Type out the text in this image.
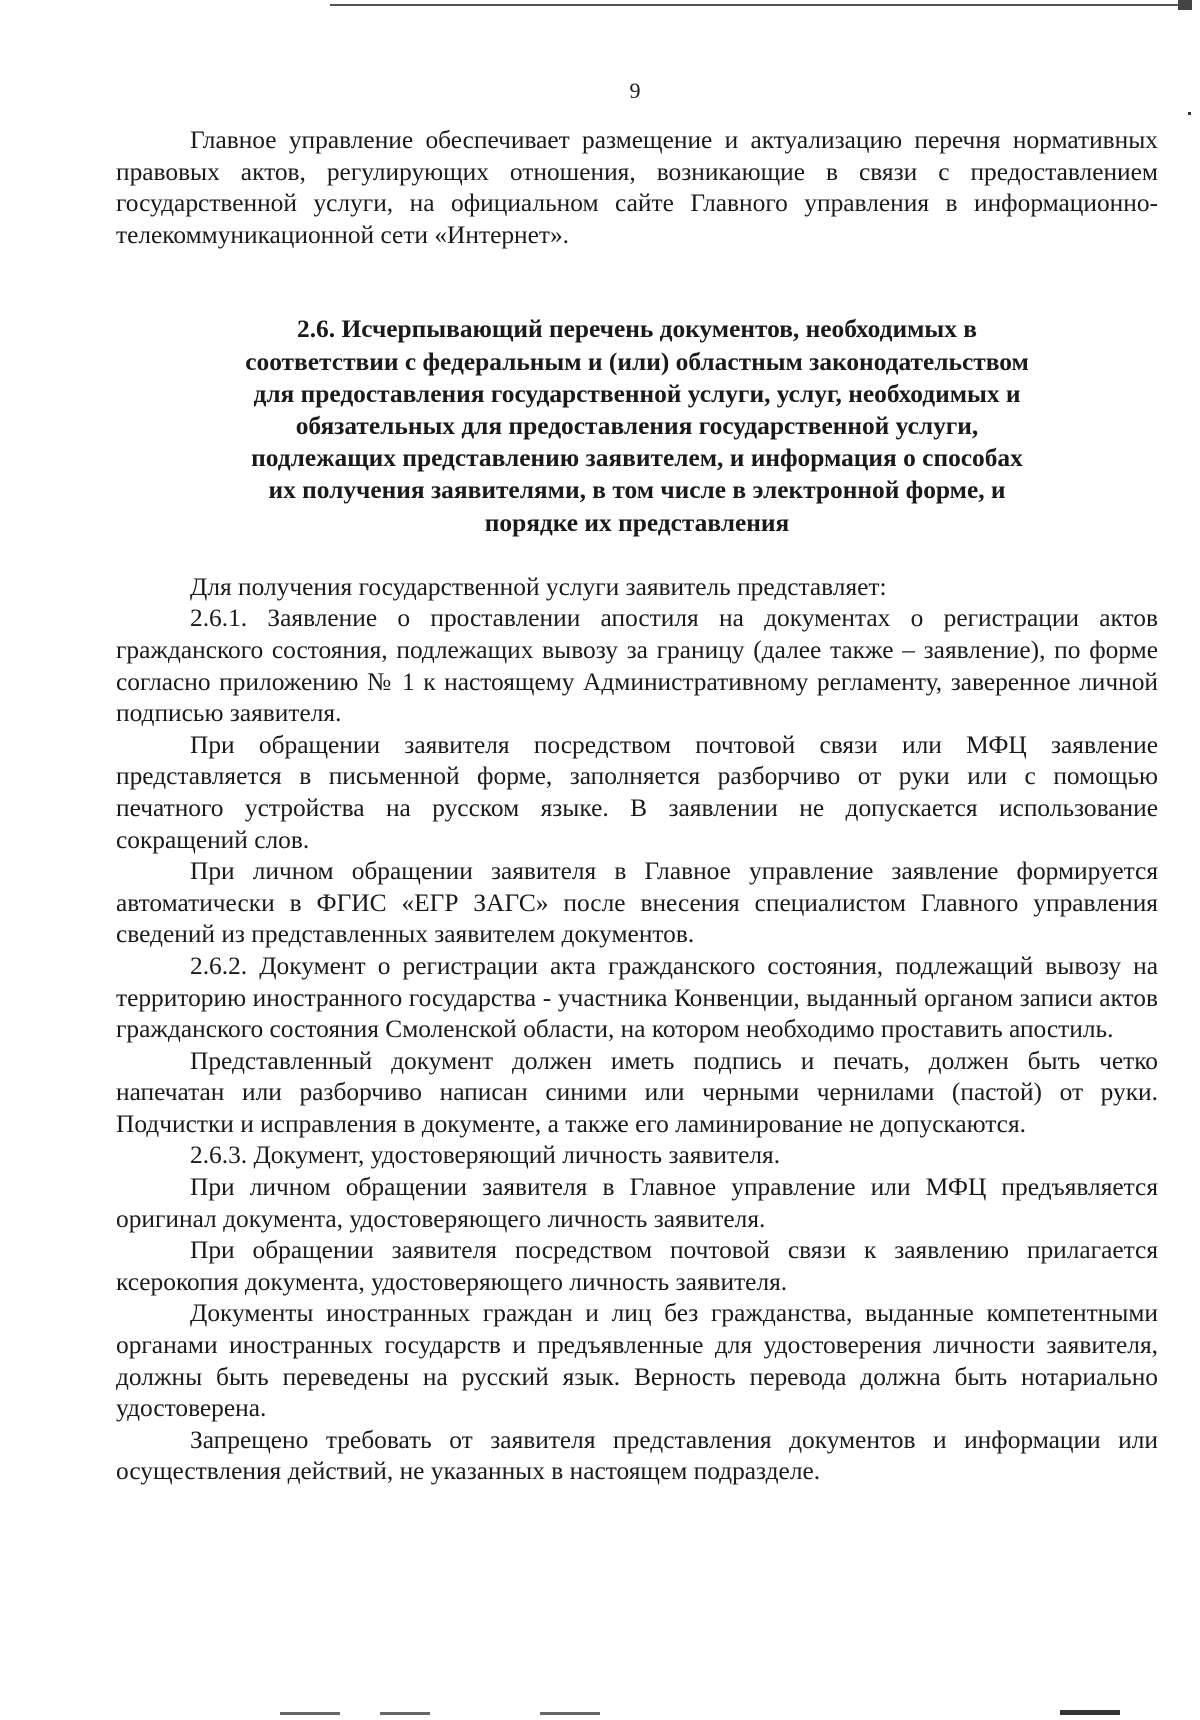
9

Главное управление обеспечивает размещение и актуализацию перечня нормативных правовых актов, регулирующих отношения, возникающие в связи с предоставлением государственной услуги, на официальном сайте Главного управления в информационно-телекоммуникационной сети «Интернет».

2.6. Исчерпывающий перечень документов, необходимых в соответствии с федеральным и (или) областным законодательством для предоставления государственной услуги, услуг, необходимых и обязательных для предоставления государственной услуги, подлежащих представлению заявителем, и информация о способах их получения заявителями, в том числе в электронной форме, и порядке их представления

Для получения государственной услуги заявитель представляет:

2.6.1. Заявление о проставлении апостиля на документах о регистрации актов гражданского состояния, подлежащих вывозу за границу (далее также – заявление), по форме согласно приложению № 1 к настоящему Административному регламенту, заверенное личной подписью заявителя.

При обращении заявителя посредством почтовой связи или МФЦ заявление представляется в письменной форме, заполняется разборчиво от руки или с помощью печатного устройства на русском языке. В заявлении не допускается использование сокращений слов.

При личном обращении заявителя в Главное управление заявление формируется автоматически в ФГИС «ЕГР ЗАГС» после внесения специалистом Главного управления сведений из представленных заявителем документов.

2.6.2. Документ о регистрации акта гражданского состояния, подлежащий вывозу на территорию иностранного государства - участника Конвенции, выданный органом записи актов гражданского состояния Смоленской области, на котором необходимо проставить апостиль.

Представленный документ должен иметь подпись и печать, должен быть четко напечатан или разборчиво написан синими или черными чернилами (пастой) от руки. Подчистки и исправления в документе, а также его ламинирование не допускаются.

2.6.3. Документ, удостоверяющий личность заявителя.

При личном обращении заявителя в Главное управление или МФЦ предъявляется оригинал документа, удостоверяющего личность заявителя.

При обращении заявителя посредством почтовой связи к заявлению прилагается ксерокопия документа, удостоверяющего личность заявителя.

Документы иностранных граждан и лиц без гражданства, выданные компетентными органами иностранных государств и предъявленные для удостоверения личности заявителя, должны быть переведены на русский язык. Верность перевода должна быть нотариально удостоверена.

Запрещено требовать от заявителя представления документов и информации или осуществления действий, не указанных в настоящем подразделе.
